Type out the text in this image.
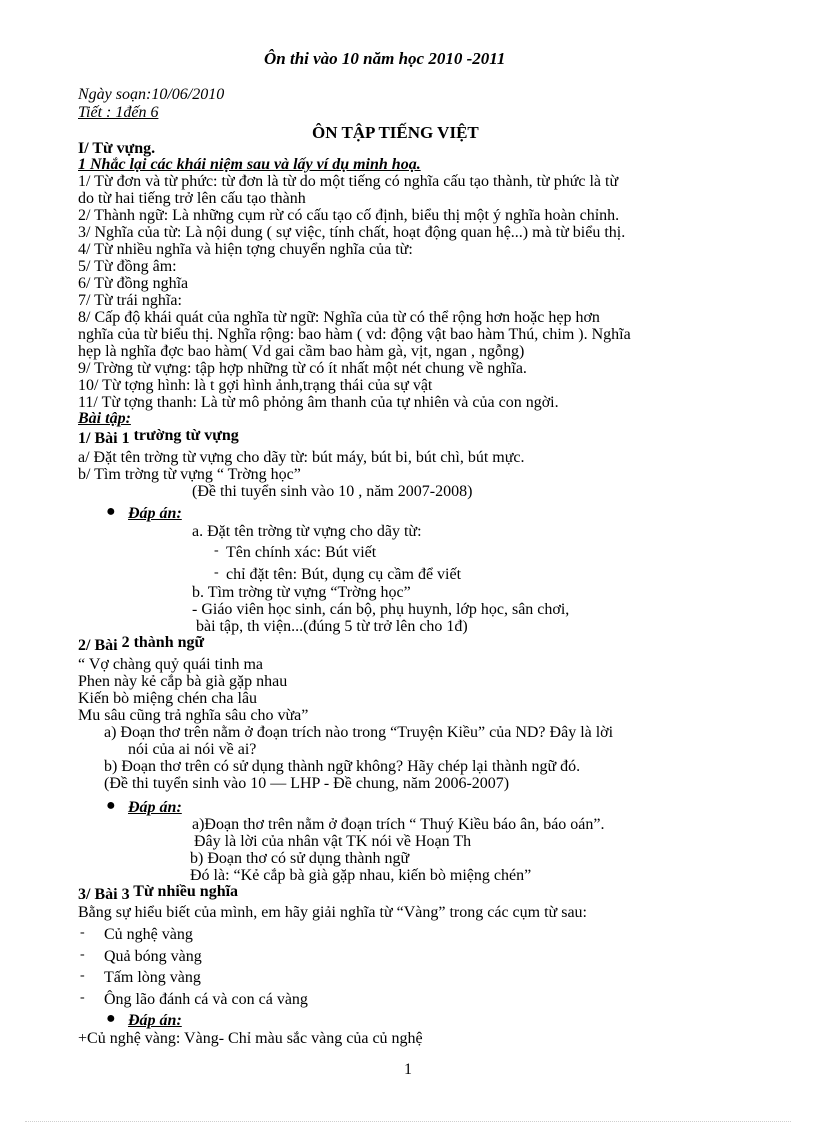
Ôn thi vào 10 năm học 2010 -2011
Ngày soạn:10/06/2010
Tiết : 1đến 6
ÔN TẬP TIẾNG VIỆT
I/ Từ vựng.
1 Nhắc lại các khái niệm sau và lấy ví dụ minh hoạ.
1/ Từ đơn và từ phức: từ đơn là từ do một tiếng có nghĩa cấu tạo thành, từ phức là từ
do từ hai tiếng trở lên cấu tạo thành
2/ Thành ngữ: Là những cụm rừ có cấu tạo cố định, biểu thị một ý nghĩa hoàn chỉnh.
3/ Nghĩa của từ: Là nội dung ( sự việc, tính chất, hoạt động quan hệ...) mà từ biểu thị.
4/ Từ nhiều nghĩa và hiện tợng chuyển nghĩa của từ:
5/ Từ đồng âm:
6/ Từ đồng nghĩa
7/ Từ trái nghĩa:
8/ Cấp độ khái quát của nghĩa từ ngữ: Nghĩa của từ có thể rộng hơn hoặc hẹp hơn
nghĩa của từ biểu thị. Nghĩa rộng: bao hàm ( vd: động vật bao hàm Thú, chim ). Nghĩa
hẹp là nghĩa đợc bao hàm( Vd gai cầm bao hàm gà, vịt, ngan , ngỗng)
9/ Trờng từ vựng: tập hợp những từ có ít nhất một nét chung về nghĩa.
10/ Từ tợng hình: là t gợi hình ảnh,trạng thái của sự vật
11/ Từ tợng thanh: Là từ mô phỏng âm thanh của tự nhiên và của con ngời.
Bài tập:
1/ Bài 1 trường từ vựng
a/ Đặt tên trờng từ vựng cho dãy từ: bút máy, bút bi, bút chì, bút mực.
b/ Tìm trờng từ vựng “ Trờng học”
(Đề thi tuyển sinh vào 10 , năm 2007-2008)
● Đáp án:
a. Đặt tên trờng từ vựng cho dãy từ:
- Tên chính xác: Bút viết
- chỉ đặt tên: Bút, dụng cụ cầm để viết
b. Tìm trờng từ vựng “Trờng học”
- Giáo viên học sinh, cán bộ, phụ huynh, lớp học, sân chơi,
bài tập, th viện...(đúng 5 từ trở lên cho 1đ)
2/ Bài 2 thành ngữ
“ Vợ chàng quỷ quái tinh ma
Phen này kẻ cắp bà già gặp nhau
Kiến bò miệng chén cha lâu
Mu sâu cũng trả nghĩa sâu cho vừa”
a) Đoạn thơ trên nằm ở đoạn trích nào trong “Truyện Kiều” của ND? Đây là lời
nói của ai nói về ai?
b) Đoạn thơ trên có sử dụng thành ngữ không? Hãy chép lại thành ngữ đó.
(Đề thi tuyển sinh vào 10 — LHP - Đề chung, năm 2006-2007)
● Đáp án:
a)Đoạn thơ trên nằm ở đoạn trích “ Thuý Kiều báo ân, báo oán”.
Đây là lời của nhân vật TK nói về Hoạn Th
b) Đoạn thơ có sử dụng thành ngữ
Đó là: “Kẻ cắp bà già gặp nhau, kiến bò miệng chén”
3/ Bài 3 Từ nhiều nghĩa
Bằng sự hiểu biết của mình, em hãy giải nghĩa từ “Vàng” trong các cụm từ sau:
- Củ nghệ vàng
- Quả bóng vàng
- Tấm lòng vàng
- Ông lão đánh cá và con cá vàng
● Đáp án:
+Củ nghệ vàng: Vàng- Chỉ màu sắc vàng của củ nghệ
1
